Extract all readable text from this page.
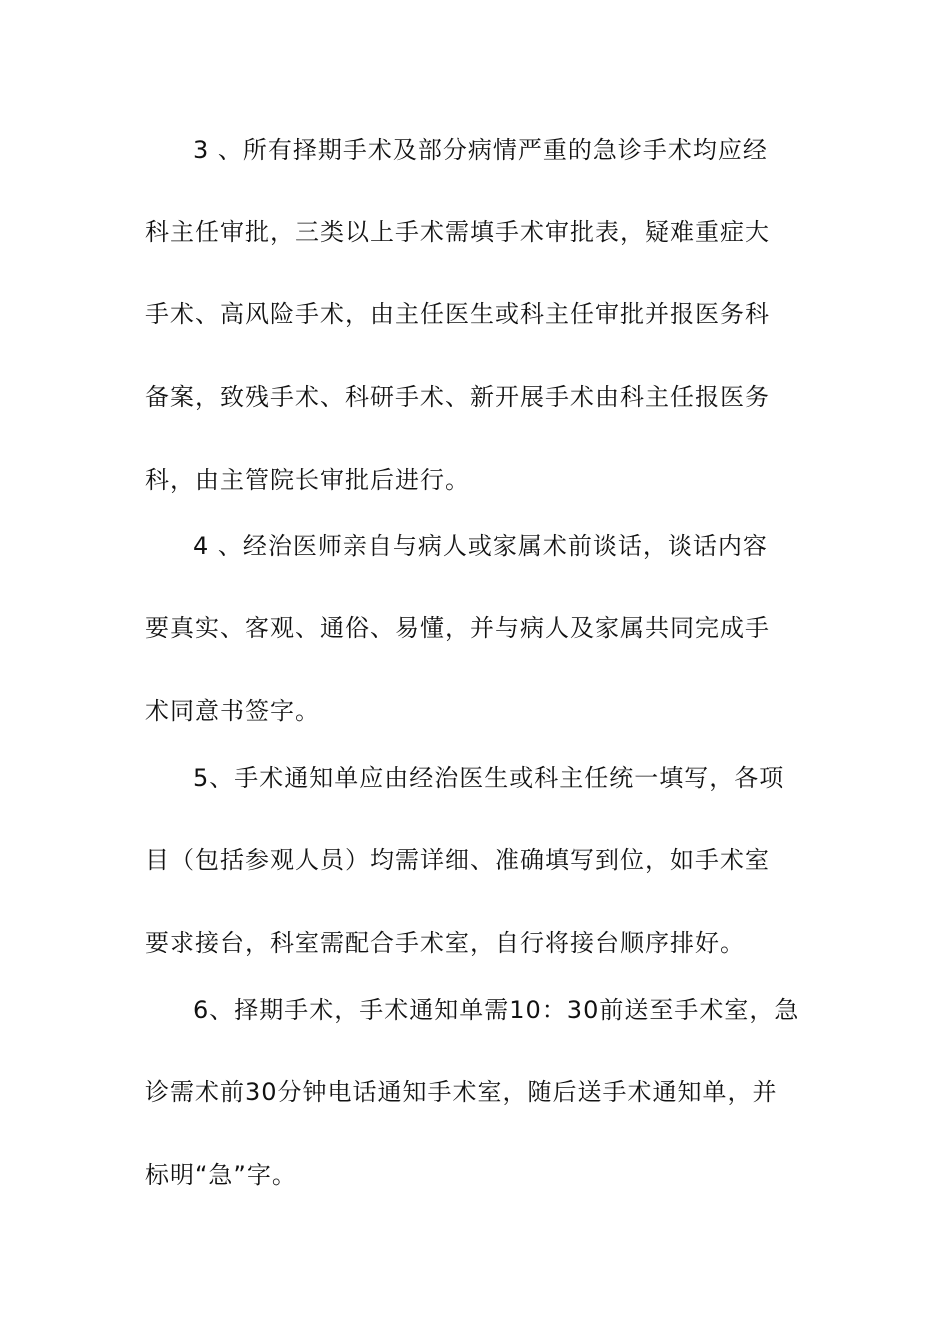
3 、所有择期手术及部分病情严重的急诊手术均应经
科主任审批，三类以上手术需填手术审批表，疑难重症大
手术、高风险手术，由主任医生或科主任审批并报医务科
备案，致残手术、科研手术、新开展手术由科主任报医务
科，由主管院长审批后进行。
4 、经治医师亲自与病人或家属术前谈话，谈话内容
要真实、客观、通俗、易懂，并与病人及家属共同完成手
术同意书签字。
5、手术通知单应由经治医生或科主任统一填写，各项
目（包括参观人员）均需详细、准确填写到位，如手术室
要求接台，科室需配合手术室，自行将接台顺序排好。
6、择期手术，手术通知单需10：30前送至手术室，急
诊需术前30分钟电话通知手术室，随后送手术通知单，并
标明“急”字。
